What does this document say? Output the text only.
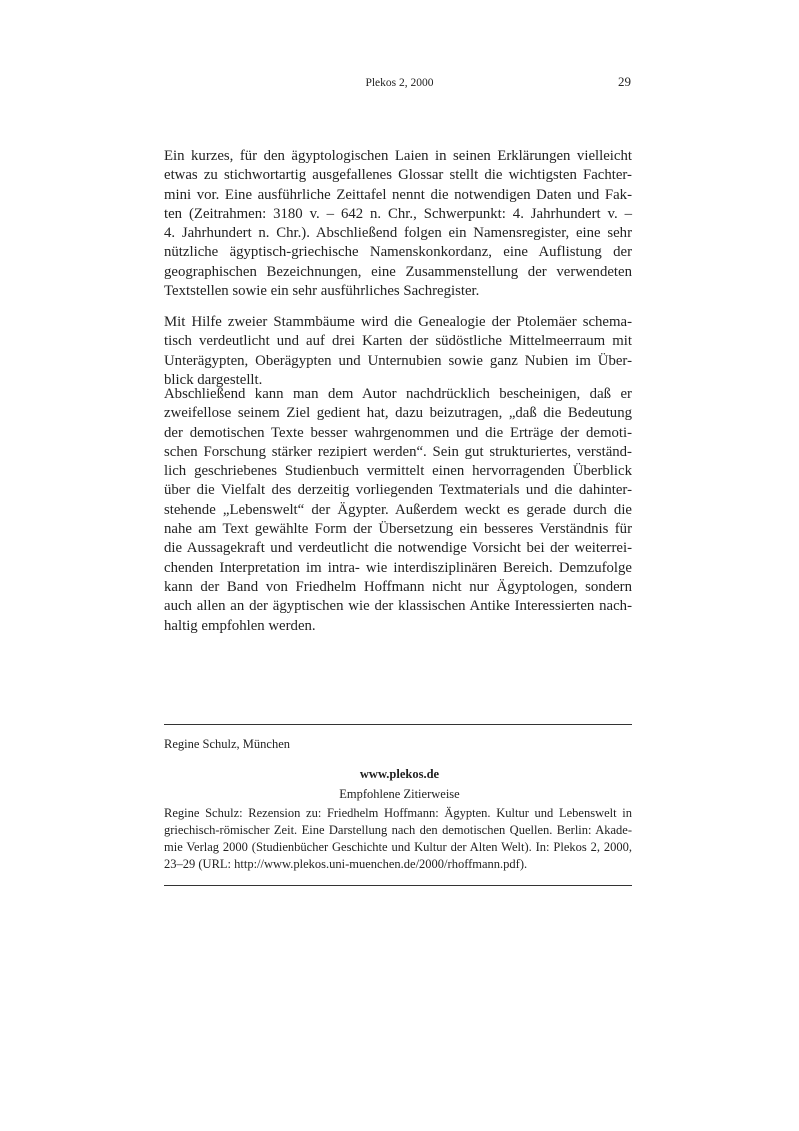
Plekos 2, 2000	29
Ein kurzes, für den ägyptologischen Laien in seinen Erklärungen vielleicht
etwas zu stichwortartig ausgefallenes Glossar stellt die wichtigsten Fachter-
mini vor. Eine ausführliche Zeittafel nennt die notwendigen Daten und Fak-
ten (Zeitrahmen: 3180 v. – 642 n. Chr., Schwerpunkt: 4. Jahrhundert v. –
4. Jahrhundert n. Chr.). Abschließend folgen ein Namensregister, eine sehr
nützliche ägyptisch-griechische Namenskonkordanz, eine Auflistung der
geographischen Bezeichnungen, eine Zusammenstellung der verwendeten
Textstellen sowie ein sehr ausführliches Sachregister.
Mit Hilfe zweier Stammbäume wird die Genealogie der Ptolemäer schema-
tisch verdeutlicht und auf drei Karten der südöstliche Mittelmeerraum mit
Unterägypten, Oberägypten und Unternubien sowie ganz Nubien im Über-
blick dargestellt.
Abschließend kann man dem Autor nachdrücklich bescheinigen, daß er
zweifellose seinem Ziel gedient hat, dazu beizutragen, „daß die Bedeutung
der demotischen Texte besser wahrgenommen und die Erträge der demoti-
schen Forschung stärker rezipiert werden“. Sein gut strukturiertes, verständ-
lich geschriebenes Studienbuch vermittelt einen hervorragenden Überblick
über die Vielfalt des derzeitig vorliegenden Textmaterials und die dahinter-
stehende „Lebenswelt“ der Ägypter. Außerdem weckt es gerade durch die
nahe am Text gewählte Form der Übersetzung ein besseres Verständnis für
die Aussagekraft und verdeutlicht die notwendige Vorsicht bei der weiterrei-
chenden Interpretation im intra- wie interdisziplinären Bereich. Demzufolge
kann der Band von Friedhelm Hoffmann nicht nur Ägyptologen, sondern
auch allen an der ägyptischen wie der klassischen Antike Interessierten nach-
haltig empfohlen werden.
Regine Schulz, München
www.plekos.de
Empfohlene Zitierweise
Regine Schulz: Rezension zu: Friedhelm Hoffmann: Ägypten. Kultur und Lebenswelt in
griechisch-römischer Zeit. Eine Darstellung nach den demotischen Quellen. Berlin: Akade-
mie Verlag 2000 (Studienbücher Geschichte und Kultur der Alten Welt). In: Plekos 2, 2000,
23–29 (URL: http://www.plekos.uni-muenchen.de/2000/rhoffmann.pdf).
